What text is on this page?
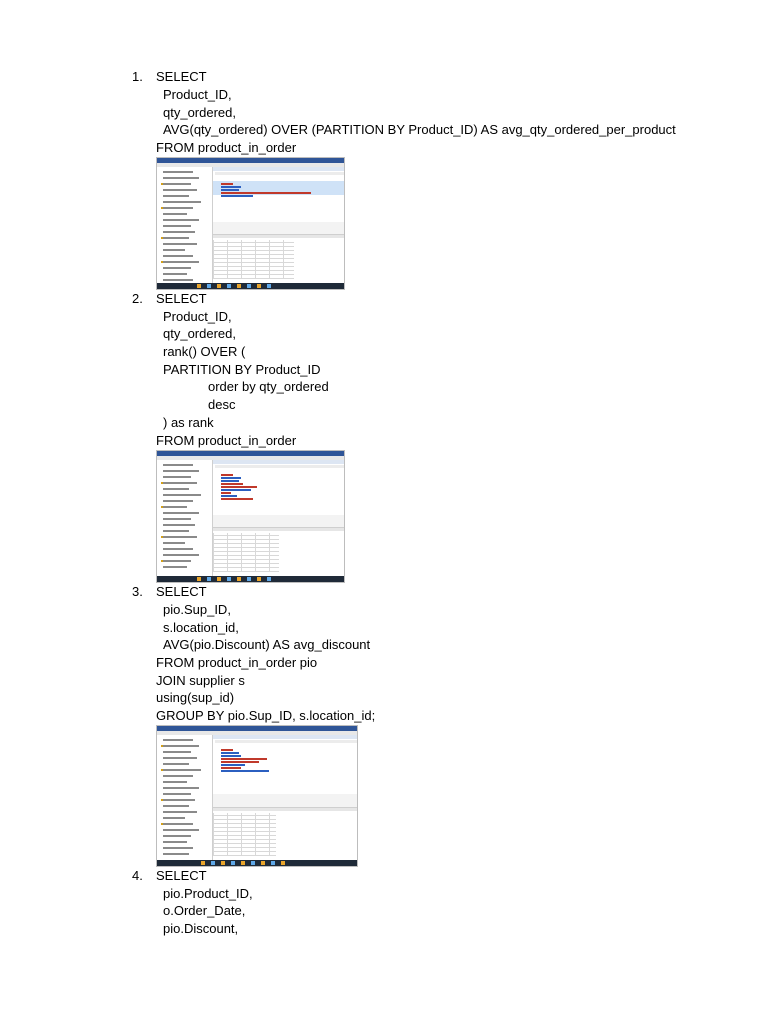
1. SELECT
Product_ID,
qty_ordered,
AVG(qty_ordered) OVER (PARTITION BY Product_ID) AS avg_qty_ordered_per_product
FROM product_in_order
2. SELECT
Product_ID,
qty_ordered,
rank() OVER (
PARTITION BY Product_ID
order by qty_ordered
desc
) as rank
FROM product_in_order
3. SELECT
pio.Sup_ID,
s.location_id,
AVG(pio.Discount) AS avg_discount
FROM product_in_order pio
JOIN supplier s
using(sup_id)
GROUP BY pio.Sup_ID, s.location_id;
4. SELECT
pio.Product_ID,
o.Order_Date,
pio.Discount,
